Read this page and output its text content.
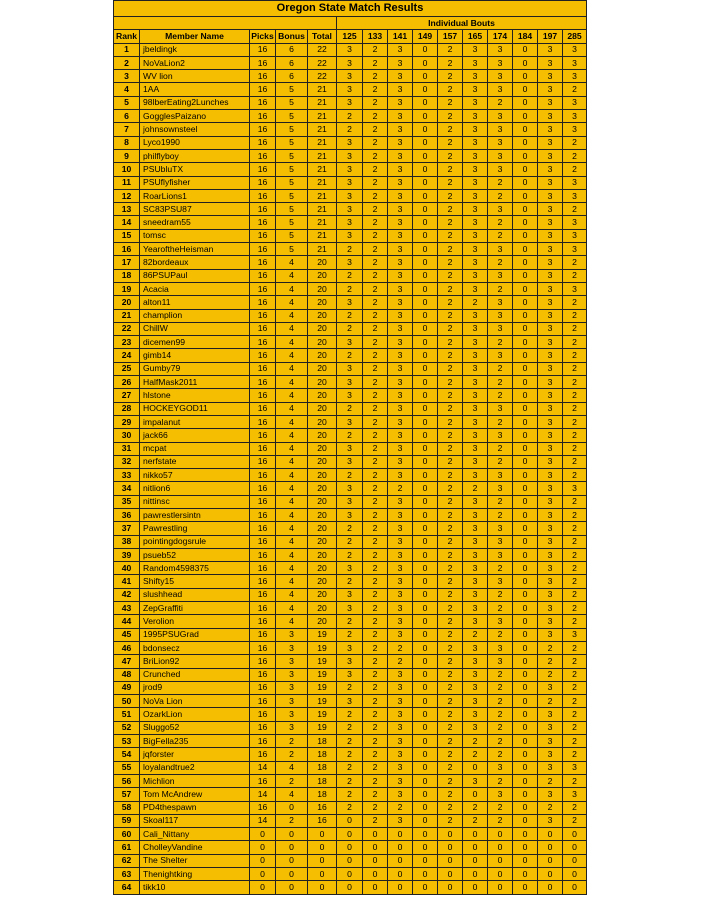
Oregon State Match Results														
					Individual Bouts									
Rank	Member Name	Picks	Bonus	Total	125	133	141	149	157	165	174	184	197	285
1	jbeldingk	16	6	22	3	2	3	0	2	3	3	0	3	3
2	NoVaLion2	16	6	22	3	2	3	0	2	3	3	0	3	3
3	WV lion	16	6	22	3	2	3	0	2	3	3	0	3	3
4	1AA	16	5	21	3	2	3	0	2	3	3	0	3	2
5	98lberEating2Lunches	16	5	21	3	2	3	0	2	3	2	0	3	3
6	GogglesPaizano	16	5	21	2	2	3	0	2	3	3	0	3	3
7	johnsownsteel	16	5	21	2	2	3	0	2	3	3	0	3	3
8	Lyco1990	16	5	21	3	2	3	0	2	3	3	0	3	2
9	philflyboy	16	5	21	3	2	3	0	2	3	3	0	3	2
10	PSUbluTX	16	5	21	3	2	3	0	2	3	3	0	3	2
11	PSUflyfisher	16	5	21	3	2	3	0	2	3	2	0	3	3
12	RoarLions1	16	5	21	3	2	3	0	2	3	2	0	3	3
13	SC83PSU87	16	5	21	3	2	3	0	2	3	3	0	3	2
14	sneedram55	16	5	21	3	2	3	0	2	3	2	0	3	3
15	tomsc	16	5	21	3	2	3	0	2	3	2	0	3	3
16	YearoftheHeisman	16	5	21	2	2	3	0	2	3	3	0	3	3
17	82bordeaux	16	4	20	3	2	3	0	2	3	2	0	3	2
18	86PSUPaul	16	4	20	2	2	3	0	2	3	3	0	3	2
19	Acacia	16	4	20	2	2	3	0	2	3	2	0	3	3
20	alton11	16	4	20	3	2	3	0	2	2	3	0	3	2
21	champlion	16	4	20	2	2	3	0	2	3	3	0	3	2
22	ChillW	16	4	20	2	2	3	0	2	3	3	0	3	2
23	dicemen99	16	4	20	3	2	3	0	2	3	2	0	3	2
24	gimb14	16	4	20	2	2	3	0	2	3	3	0	3	2
25	Gumby79	16	4	20	3	2	3	0	2	3	2	0	3	2
26	HalfMask2011	16	4	20	3	2	3	0	2	3	2	0	3	2
27	hlstone	16	4	20	3	2	3	0	2	3	2	0	3	2
28	HOCKEYGOD11	16	4	20	2	2	3	0	2	3	3	0	3	2
29	impalanut	16	4	20	3	2	3	0	2	3	2	0	3	2
30	jack66	16	4	20	2	2	3	0	2	3	3	0	3	2
31	mcpat	16	4	20	3	2	3	0	2	3	2	0	3	2
32	nerfstate	16	4	20	3	2	3	0	2	3	2	0	3	2
33	nikko57	16	4	20	2	2	3	0	2	3	3	0	3	2
34	nitlion6	16	4	20	3	2	2	0	2	2	3	0	3	3
35	nittinsc	16	4	20	3	2	3	0	2	3	2	0	3	2
36	pawrestlersintn	16	4	20	3	2	3	0	2	3	2	0	3	2
37	Pawrestling	16	4	20	2	2	3	0	2	3	3	0	3	2
38	pointingdogsrule	16	4	20	2	2	3	0	2	3	3	0	3	2
39	psueb52	16	4	20	2	2	3	0	2	3	3	0	3	2
40	Random4598375	16	4	20	3	2	3	0	2	3	2	0	3	2
41	Shifty15	16	4	20	2	2	3	0	2	3	3	0	3	2
42	slushhead	16	4	20	3	2	3	0	2	3	2	0	3	2
43	ZepGraffiti	16	4	20	3	2	3	0	2	3	2	0	3	2
44	Verolion	16	4	20	2	2	3	0	2	3	3	0	3	2
45	1995PSUGrad	16	3	19	2	2	3	0	2	2	2	0	3	3
46	bdonsecz	16	3	19	3	2	2	0	2	3	3	0	2	2
47	BriLion92	16	3	19	3	2	2	0	2	3	3	0	2	2
48	Crunched	16	3	19	3	2	3	0	2	3	2	0	2	2
49	jrod9	16	3	19	2	2	3	0	2	3	2	0	3	2
50	NoVa Lion	16	3	19	3	2	3	0	2	3	2	0	2	2
51	OzarkLion	16	3	19	2	2	3	0	2	3	2	0	3	2
52	Sluggo52	16	3	19	2	2	3	0	2	3	2	0	3	2
53	BigFella235	16	2	18	2	2	3	0	2	2	2	0	3	2
54	jqforster	16	2	18	2	2	3	0	2	2	2	0	3	2
55	loyalandtrue2	14	4	18	2	2	3	0	2	0	3	0	3	3
56	Michlion	16	2	18	2	2	3	0	2	3	2	0	2	2
57	Tom McAndrew	14	4	18	2	2	3	0	2	0	3	0	3	3
58	PD4thespawn	16	0	16	2	2	2	0	2	2	2	0	2	2
59	Skoal117	14	2	16	0	2	3	0	2	2	2	0	3	2
60	Cali_Nittany	0	0	0	0	0	0	0	0	0	0	0	0	0
61	CholleyVandine	0	0	0	0	0	0	0	0	0	0	0	0	0
62	The Shelter	0	0	0	0	0	0	0	0	0	0	0	0	0
63	Thenightking	0	0	0	0	0	0	0	0	0	0	0	0	0
64	tikk10	0	0	0	0	0	0	0	0	0	0	0	0	0
